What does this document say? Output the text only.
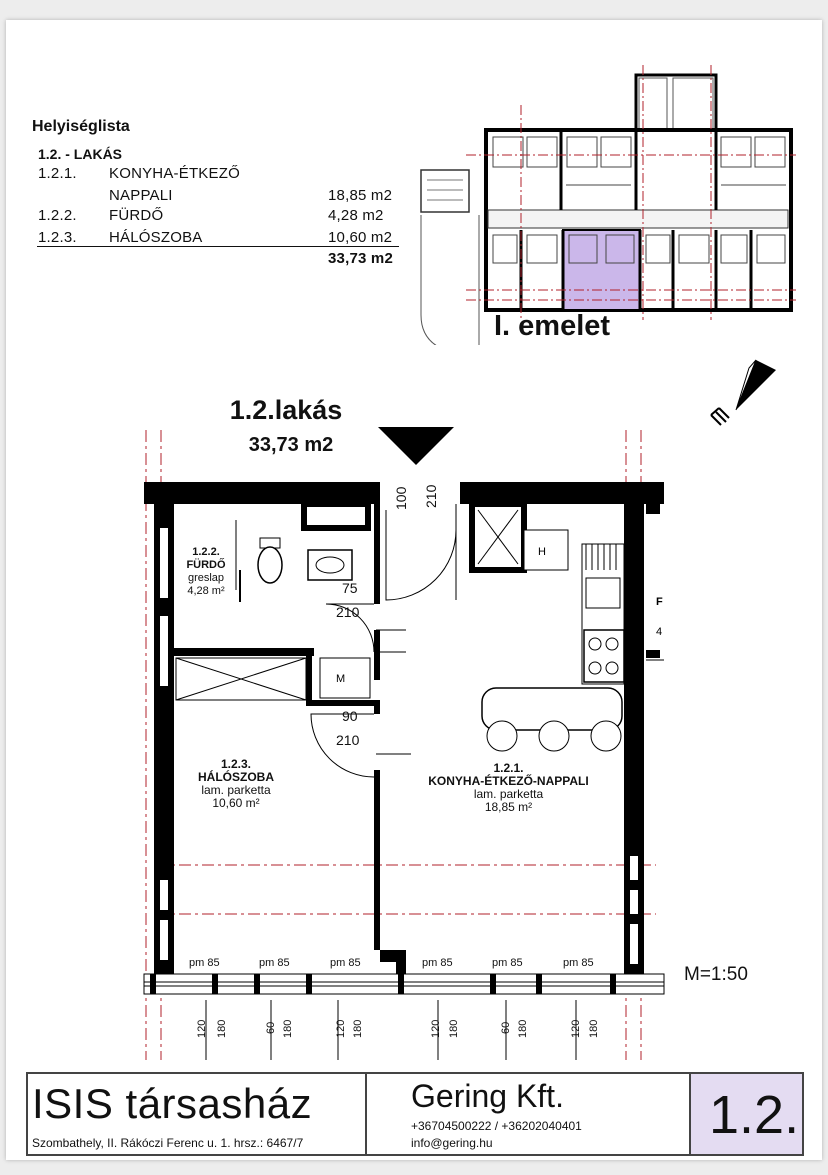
Helyiséglista
1.2. - LAKÁS
1.2.1. KONYHA-ÉTKEZŐ
NAPPALI	18,85 m2
1.2.2. FÜRDŐ	4,28 m2
1.2.3. HÁLÓSZOBA	10,60 m2
33,73 m2
I. emelet
1.2.lakás
33,73 m2
F
4
H
M
1.2.2.
FÜRDŐ
greslap
4,28 m²
1.2.3.
HÁLÓSZOBA
lam. parketta
10,60 m²
1.2.1.
KONYHA-ÉTKEZŐ-NAPPALI
lam. parketta
18,85 m²
100 210
75
210
90
210
pm 85	pm 85	pm 85	pm 85	pm 85	pm 85
120 180	60 180	120 180	120 180	60 180	120 180
M=1:50
ISIS társasház
Szombathely, II. Rákóczi Ferenc u. 1. hrsz.: 6467/7
Gering Kft.
+36704500222 / +36202040401
info@gering.hu	1.2.
